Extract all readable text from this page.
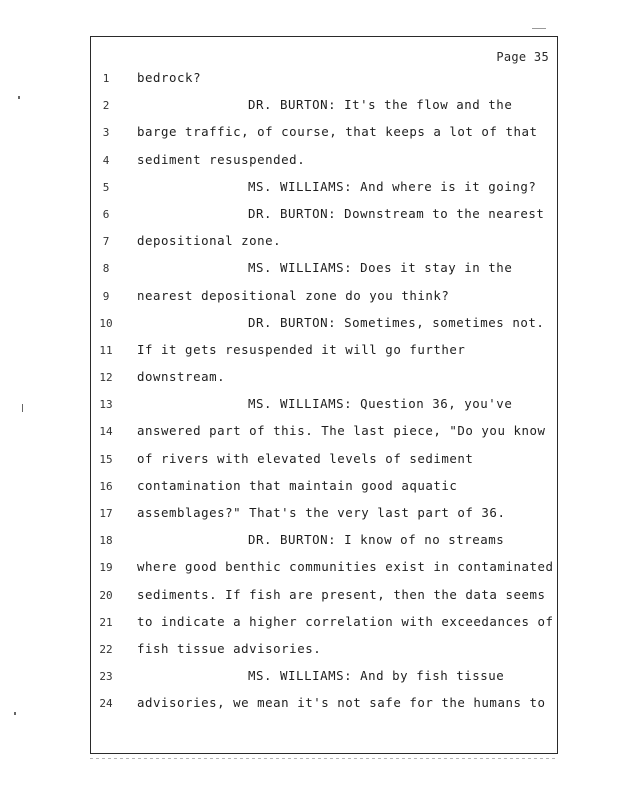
Page 35
1	bedrock?
2	DR. BURTON: It's the flow and the
3	barge traffic, of course, that keeps a lot of that
4	sediment resuspended.
5	MS. WILLIAMS: And where is it going?
6	DR. BURTON: Downstream to the nearest
7	depositional zone.
8	MS. WILLIAMS: Does it stay in the
9	nearest depositional zone do you think?
10	DR. BURTON: Sometimes, sometimes not.
11	If it gets resuspended it will go further
12	downstream.
13	MS. WILLIAMS: Question 36, you've
14	answered part of this. The last piece, "Do you know
15	of rivers with elevated levels of sediment
16	contamination that maintain good aquatic
17	assemblages?" That's the very last part of 36.
18	DR. BURTON: I know of no streams
19	where good benthic communities exist in contaminated
20	sediments. If fish are present, then the data seems
21	to indicate a higher correlation with exceedances of
22	fish tissue advisories.
23	MS. WILLIAMS: And by fish tissue
24	advisories, we mean it's not safe for the humans to
